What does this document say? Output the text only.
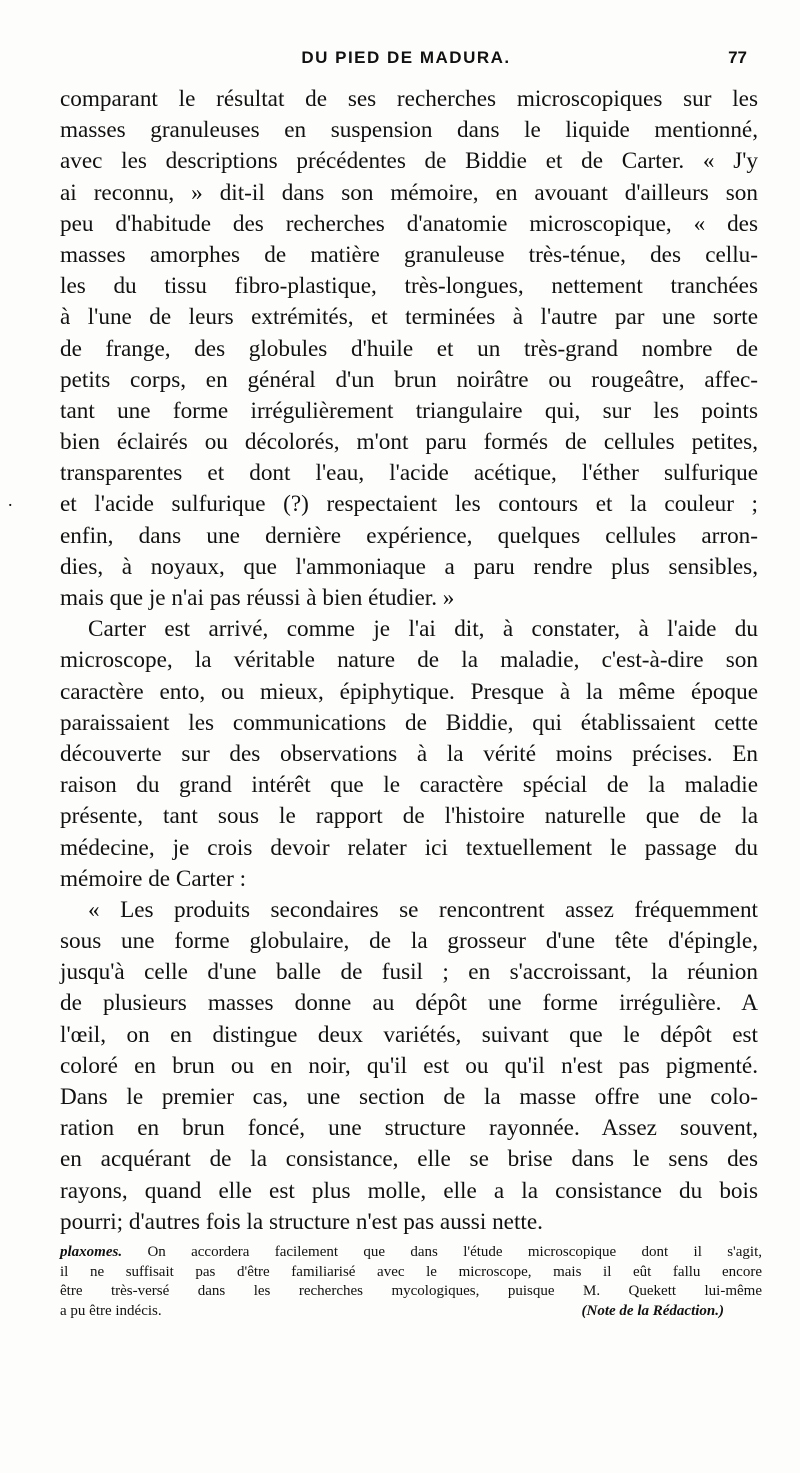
DU PIED DE MADURA.	77
.
comparant le résultat de ses recherches microscopiques sur les
masses granuleuses en suspension dans le liquide mentionné,
avec les descriptions précédentes de Biddie et de Carter. « J'y
ai reconnu, » dit-il dans son mémoire, en avouant d'ailleurs son
peu d'habitude des recherches d'anatomie microscopique, « des
masses amorphes de matière granuleuse très-ténue, des cellu-
les du tissu fibro-plastique, très-longues, nettement tranchées
à l'une de leurs extrémités, et terminées à l'autre par une sorte
de frange, des globules d'huile et un très-grand nombre de
petits corps, en général d'un brun noirâtre ou rougeâtre, affec-
tant une forme irrégulièrement triangulaire qui, sur les points
bien éclairés ou décolorés, m'ont paru formés de cellules petites,
transparentes et dont l'eau, l'acide acétique, l'éther sulfurique
et l'acide sulfurique (?) respectaient les contours et la couleur ;
enfin, dans une dernière expérience, quelques cellules arron-
dies, à noyaux, que l'ammoniaque a paru rendre plus sensibles,
mais que je n'ai pas réussi à bien étudier. »
Carter est arrivé, comme je l'ai dit, à constater, à l'aide du
microscope, la véritable nature de la maladie, c'est-à-dire son
caractère ento, ou mieux, épiphytique. Presque à la même époque
paraissaient les communications de Biddie, qui établissaient cette
découverte sur des observations à la vérité moins précises. En
raison du grand intérêt que le caractère spécial de la maladie
présente, tant sous le rapport de l'histoire naturelle que de la
médecine, je crois devoir relater ici textuellement le passage du
mémoire de Carter :
« Les produits secondaires se rencontrent assez fréquemment
sous une forme globulaire, de la grosseur d'une tête d'épingle,
jusqu'à celle d'une balle de fusil ; en s'accroissant, la réunion
de plusieurs masses donne au dépôt une forme irrégulière. A
l'œil, on en distingue deux variétés, suivant que le dépôt est
coloré en brun ou en noir, qu'il est ou qu'il n'est pas pigmenté.
Dans le premier cas, une section de la masse offre une colo-
ration en brun foncé, une structure rayonnée. Assez souvent,
en acquérant de la consistance, elle se brise dans le sens des
rayons, quand elle est plus molle, elle a la consistance du bois
pourri; d'autres fois la structure n'est pas aussi nette.
plaxomes. On accordera facilement que dans l'étude microscopique dont il s'agit,
il ne suffisait pas d'être familiarisé avec le microscope, mais il eût fallu encore
être très-versé dans les recherches mycologiques, puisque M. Quekett lui-même
a pu être indécis.	(Note de la Rédaction.)
